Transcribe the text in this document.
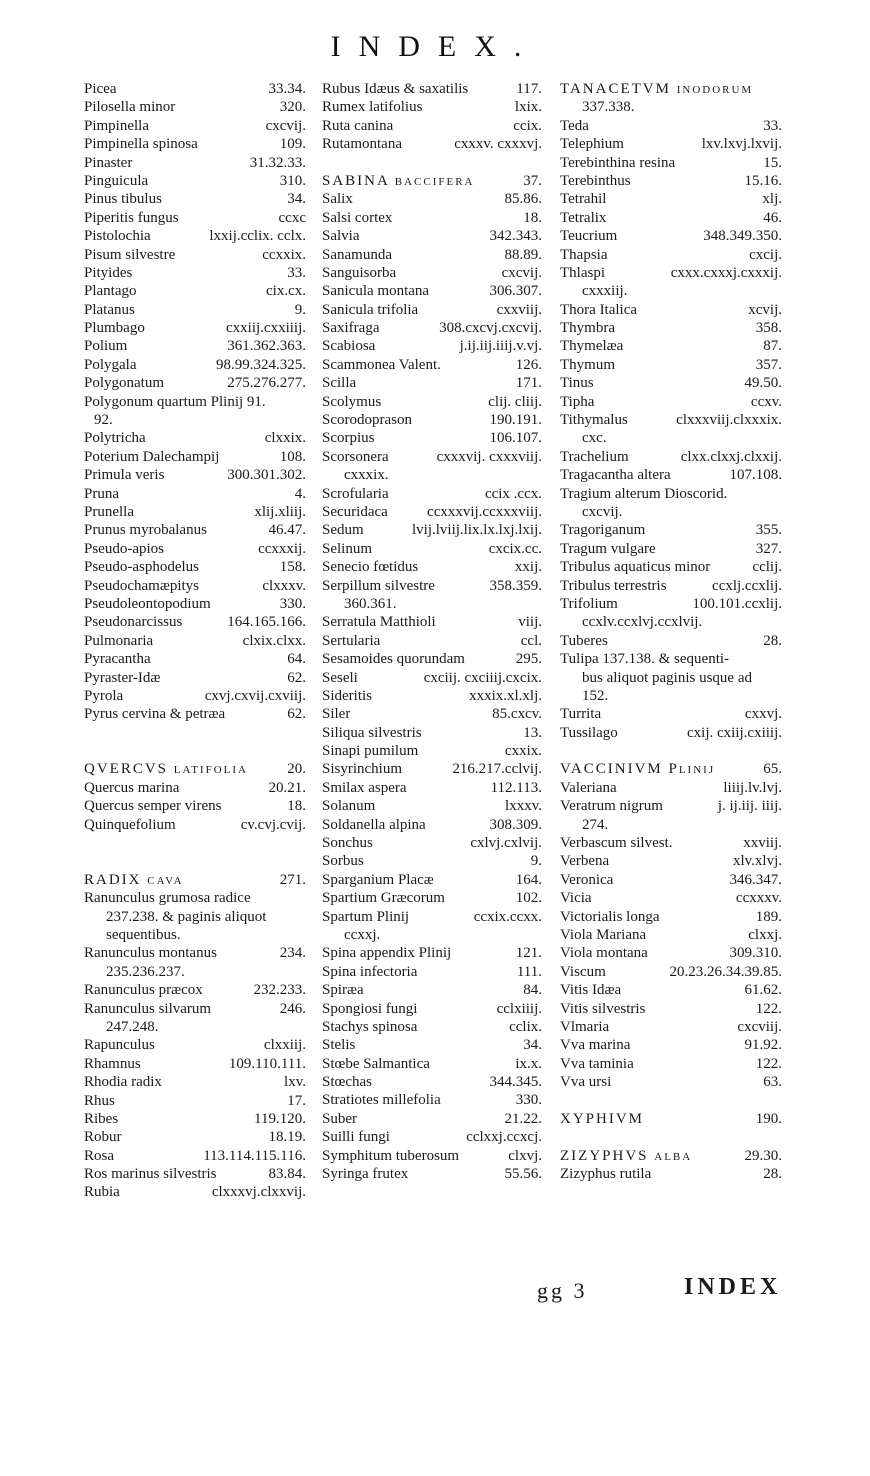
INDEX.
Picea	33.34.
Pilosella minor	320.
Pimpinella	cxcvij.
Pimpinella spinosa	109.
Pinaster	31.32.33.
Pinguicula	310.
Pinus tibulus	34.
Piperitis fungus	ccxc
Pistolochia	lxxij.cclix. cclx.
Pisum silvestre	ccxxix.
Pityides	33.
Plantago	cix.cx.
Platanus	9.
Plumbago	cxxiij.cxxiiij.
Polium	361.362.363.
Polygala	98.99.324.325.
Polygonatum	275.276.277.
Polygonum quartum Plinij 91.
92.
Polytricha	clxxix.
Poterium Dalechampij	108.
Primula veris	300.301.302.
Pruna	4.
Prunella	xlij.xliij.
Prunus myrobalanus	46.47.
Pseudo-apios	ccxxxij.
Pseudo-asphodelus	158.
Pseudochamæpitys	clxxxv.
Pseudoleontopodium	330.
Pseudonarcissus	164.165.166.
Pulmonaria	clxix.clxx.
Pyracantha	64.
Pyraster-Idæ	62.
Pyrola	cxvj.cxvij.cxviij.
Pyrus cervina & petræa	62.
QVERCVS latifolia	20.
Quercus marina	20.21.
Quercus semper virens	18.
Quinquefolium	cv.cvj.cvij.
RADIX cava	271.
Ranunculus grumosa radice
237.238. & paginis aliquot
sequentibus.
Ranunculus montanus	234.
235.236.237.
Ranunculus præcox	232.233.
Ranunculus silvarum	246.
247.248.
Rapunculus	clxxiij.
Rhamnus	109.110.111.
Rhodia radix	lxv.
Rhus	17.
Ribes	119.120.
Robur	18.19.
Rosa	113.114.115.116.
Ros marinus silvestris	83.84.
Rubia	clxxxvj.clxxvij.
Rubus Idæus & saxatilis	117.
Rumex latifolius	lxix.
Ruta canina	ccix.
Rutamontana	cxxxv. cxxxvj.
SABINA baccifera	37.
Salix	85.86.
Salsi cortex	18.
Salvia	342.343.
Sanamunda	88.89.
Sanguisorba	cxcvij.
Sanicula montana	306.307.
Sanicula trifolia	cxxviij.
Saxifraga	308.cxcvj.cxcvij.
Scabiosa	j.ij.iij.iiij.v.vj.
Scammonea Valent.	126.
Scilla	171.
Scolymus	clij. cliij.
Scorodoprason	190.191.
Scorpius	106.107.
Scorsonera	cxxxvij. cxxxviij.
cxxxix.
Scrofularia	ccix .ccx.
Securidaca	ccxxxvij.ccxxxviij.
Sedum	lvij.lviij.lix.lx.lxj.lxij.
Selinum	cxcix.cc.
Senecio fœtidus	xxij.
Serpillum silvestre	358.359.
360.361.
Serratula Matthioli	viij.
Sertularia	ccl.
Sesamoides quorundam	295.
Seseli	cxciij. cxciiij.cxcix.
Sideritis	xxxix.xl.xlj.
Siler	85.cxcv.
Siliqua silvestris	13.
Sinapi pumilum	cxxix.
Sisyrinchium	216.217.cclvij.
Smilax aspera	112.113.
Solanum	lxxxv.
Soldanella alpina	308.309.
Sonchus	cxlvj.cxlvij.
Sorbus	9.
Sparganium Placæ	164.
Spartium Græcorum	102.
Spartum Plinij	ccxix.ccxx.
ccxxj.
Spina appendix Plinij	121.
Spina infectoria	111.
Spiræa	84.
Spongiosi fungi	cclxiiij.
Stachys spinosa	cclix.
Stelis	34.
Stœbe Salmantica	ix.x.
Stœchas	344.345.
Stratiotes millefolia	330.
Suber	21.22.
Suilli fungi	cclxxj.ccxcj.
Symphitum tuberosum	clxvj.
Syringa frutex	55.56.
TANACETVM inodorum
337.338.
Teda	33.
Telephium	lxv.lxvj.lxvij.
Terebinthina resina	15.
Terebinthus	15.16.
Tetrahil	xlj.
Tetralix	46.
Teucrium	348.349.350.
Thapsia	cxcij.
Thlaspi	cxxx.cxxxj.cxxxij.
cxxxiij.
Thora Italica	xcvij.
Thymbra	358.
Thymelæa	87.
Thymum	357.
Tinus	49.50.
Tipha	ccxv.
Tithymalus	clxxxviij.clxxxix.
cxc.
Trachelium	clxx.clxxj.clxxij.
Tragacantha altera	107.108.
Tragium alterum Dioscorid.
cxcvij.
Tragoriganum	355.
Tragum vulgare	327.
Tribulus aquaticus minor	cclij.
Tribulus terrestris	ccxlj.ccxlij.
Trifolium	100.101.ccxlij.
ccxlv.ccxlvj.ccxlvij.
Tuberes	28.
Tulipa 137.138. & sequenti-
bus aliquot paginis usque ad
152.
Turrita	cxxvj.
Tussilago	cxij. cxiij.cxiiij.
VACCINIVM Plinij	65.
Valeriana	liiij.lv.lvj.
Veratrum nigrum	j. ij.iij. iiij.
274.
Verbascum silvest.	xxviij.
Verbena	xlv.xlvj.
Veronica	346.347.
Vicia	ccxxxv.
Victorialis longa	189.
Viola Mariana	clxxj.
Viola montana	309.310.
Viscum	20.23.26.34.39.85.
Vitis Idæa	61.62.
Vitis silvestris	122.
Vlmaria	cxcviij.
Vva marina	91.92.
Vva taminia	122.
Vva ursi	63.
XYPHIVM	190.
ZIZYPHVS alba	29.30.
Zizyphus rutila	28.
gg 3	INDEX
